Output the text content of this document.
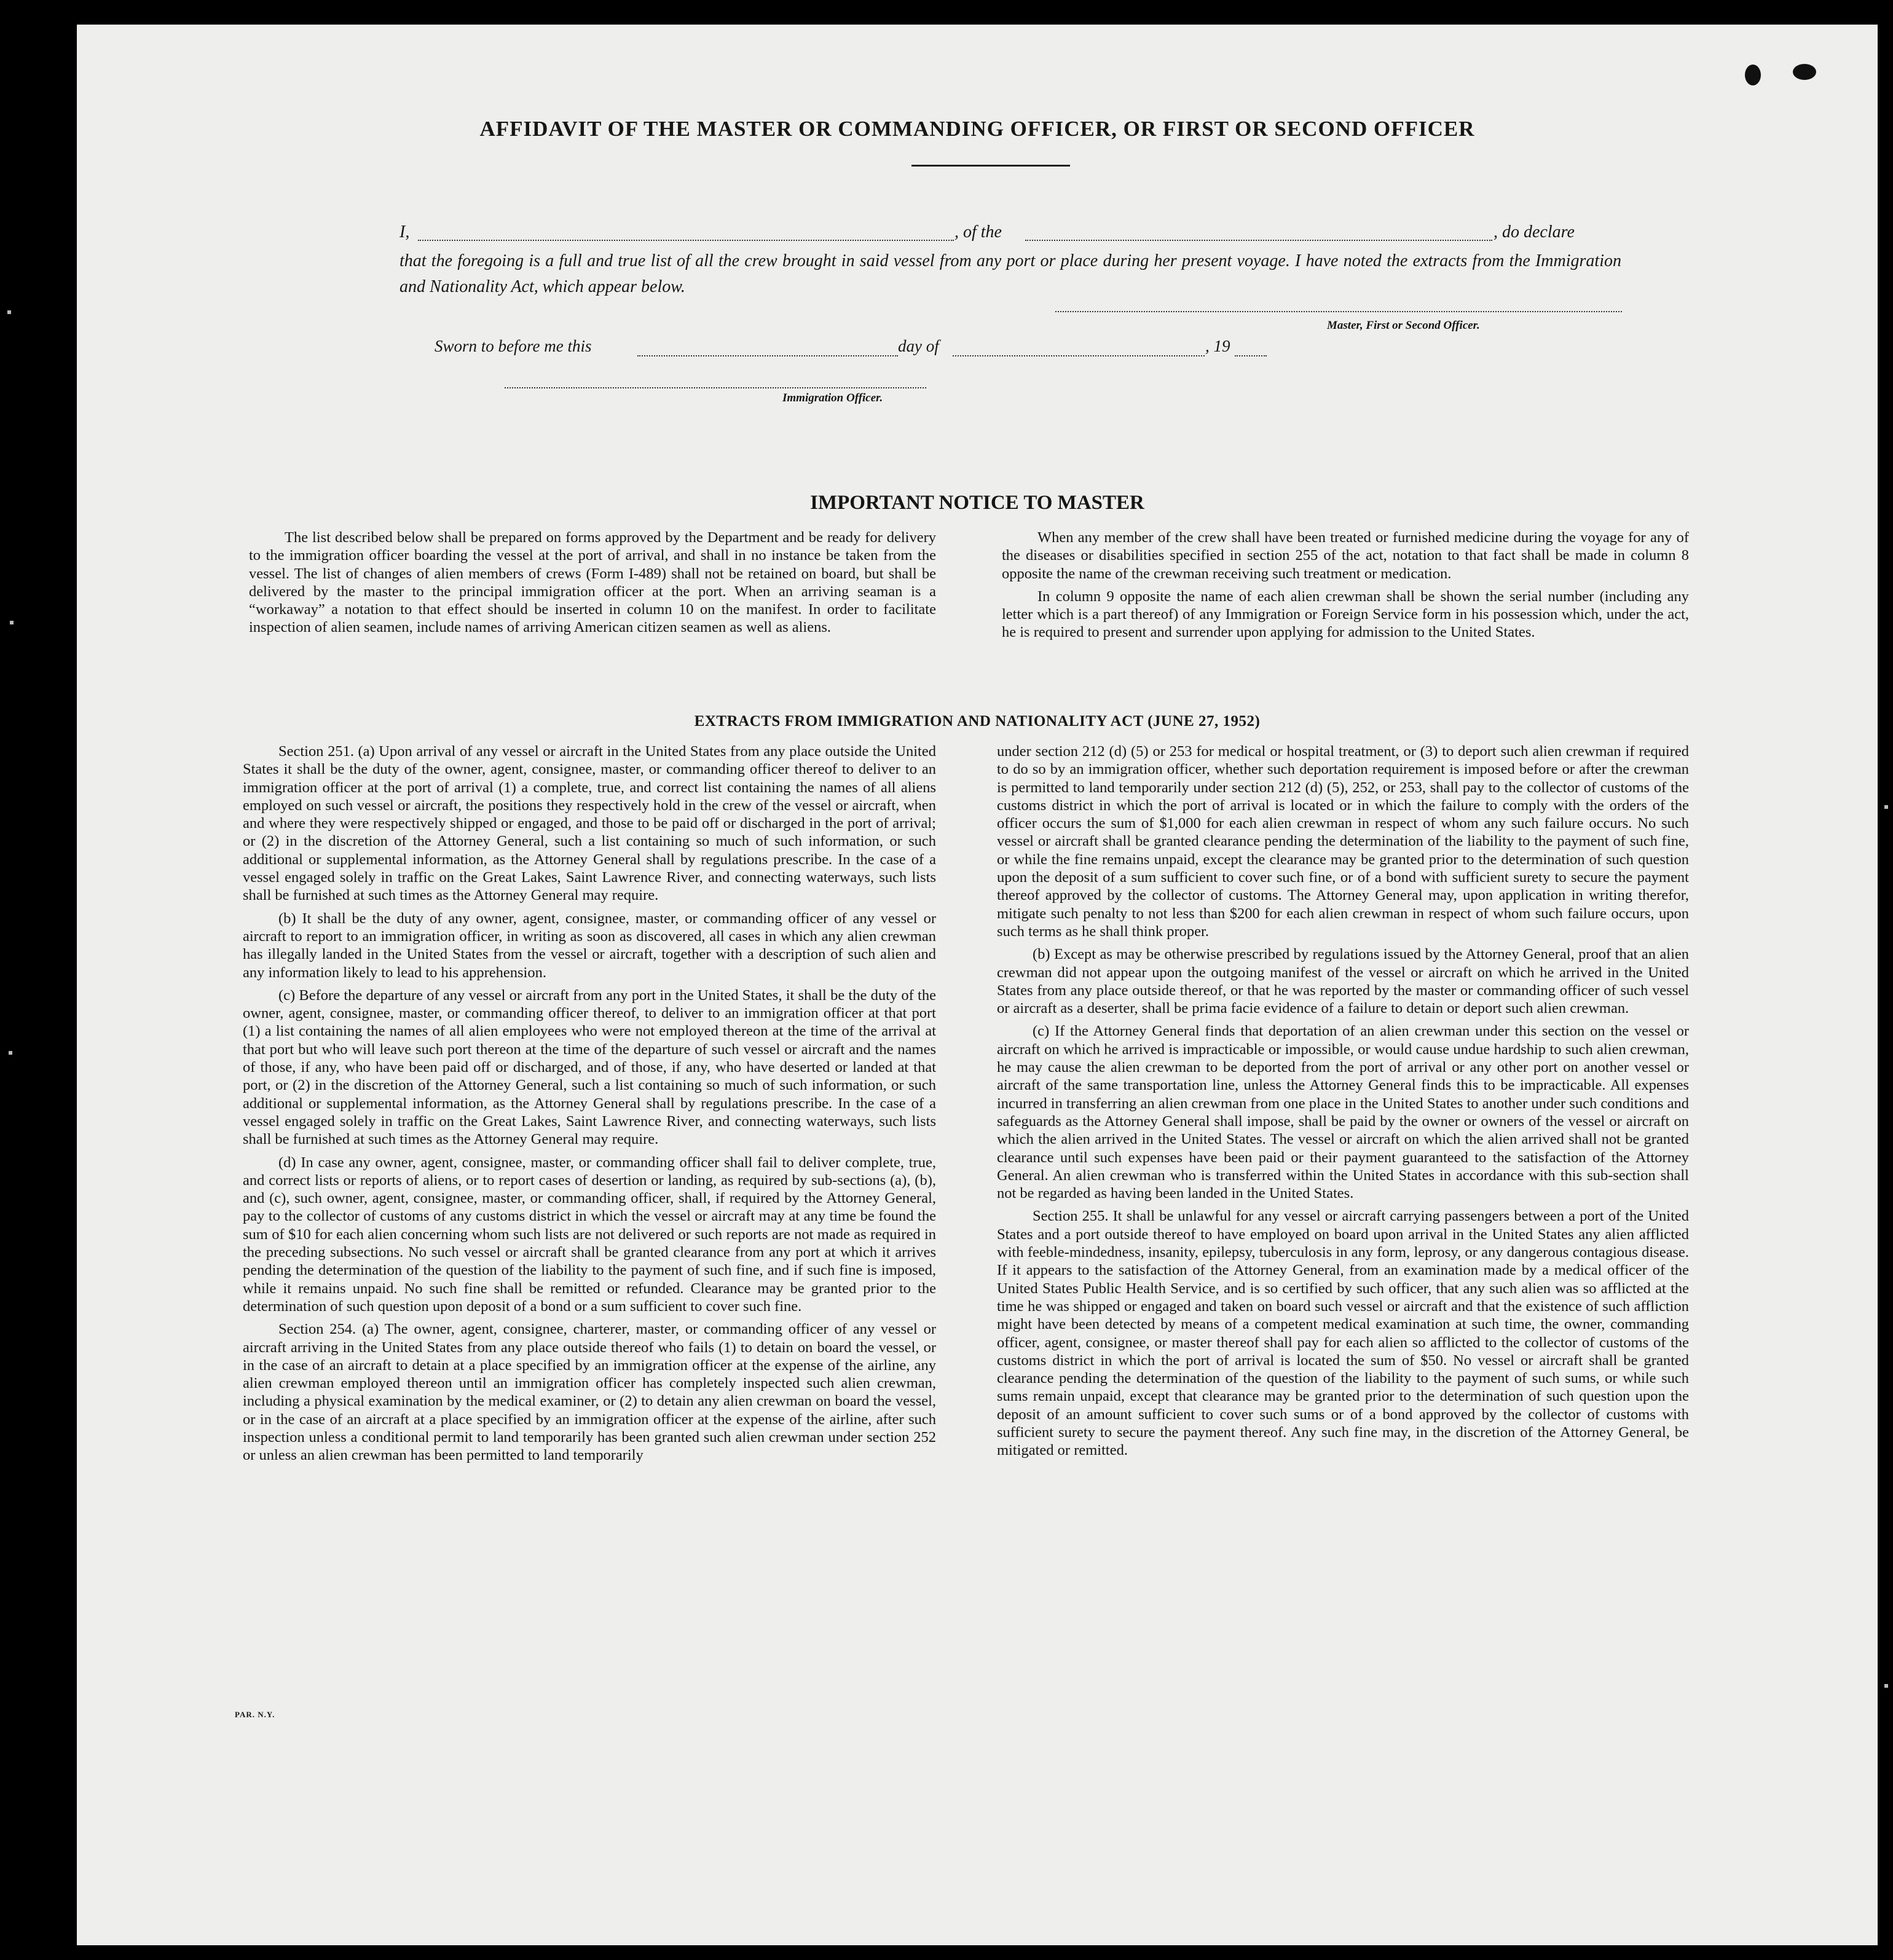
AFFIDAVIT OF THE MASTER OR COMMANDING OFFICER, OR FIRST OR SECOND OFFICER
I,	, of the	, do declare
that the foregoing is a full and true list of all the crew brought in said vessel from any port or place during her present voyage. I have noted the extracts from the Immigration and Nationality Act, which appear below.
Master, First or Second Officer.
Sworn to before me this	day of	, 19
Immigration Officer.
IMPORTANT NOTICE TO MASTER

The list described below shall be prepared on forms approved by the Department and be ready for delivery to the immigration officer boarding the vessel at the port of arrival, and shall in no instance be taken from the vessel. The list of changes of alien members of crews (Form I-489) shall not be retained on board, but shall be delivered by the master to the principal immigration officer at the port. When an arriving seaman is a “workaway” a notation to that effect should be inserted in column 10 on the manifest. In order to facilitate inspection of alien seamen, include names of arriving American citizen seamen as well as aliens.

When any member of the crew shall have been treated or furnished medicine during the voyage for any of the diseases or disabilities specified in section 255 of the act, notation to that fact shall be made in column 8 opposite the name of the crewman receiving such treatment or medication.

In column 9 opposite the name of each alien crewman shall be shown the serial number (including any letter which is a part thereof) of any Immigration or Foreign Service form in his possession which, under the act, he is required to present and surrender upon applying for admission to the United States.

EXTRACTS FROM IMMIGRATION AND NATIONALITY ACT (JUNE 27, 1952)

Section 251. (a) Upon arrival of any vessel or aircraft in the United States from any place outside the United States it shall be the duty of the owner, agent, consignee, master, or commanding officer thereof to deliver to an immigration officer at the port of arrival (1) a complete, true, and correct list containing the names of all aliens employed on such vessel or aircraft, the positions they respectively hold in the crew of the vessel or aircraft, when and where they were respectively shipped or engaged, and those to be paid off or discharged in the port of arrival; or (2) in the discretion of the Attorney General, such a list containing so much of such information, or such additional or supplemental information, as the Attorney General shall by regulations prescribe. In the case of a vessel engaged solely in traffic on the Great Lakes, Saint Lawrence River, and connecting waterways, such lists shall be furnished at such times as the Attorney General may require.

(b) It shall be the duty of any owner, agent, consignee, master, or commanding officer of any vessel or aircraft to report to an immigration officer, in writing as soon as discovered, all cases in which any alien crewman has illegally landed in the United States from the vessel or aircraft, together with a description of such alien and any information likely to lead to his apprehension.

(c) Before the departure of any vessel or aircraft from any port in the United States, it shall be the duty of the owner, agent, consignee, master, or commanding officer thereof, to deliver to an immigration officer at that port (1) a list containing the names of all alien employees who were not employed thereon at the time of the arrival at that port but who will leave such port thereon at the time of the departure of such vessel or aircraft and the names of those, if any, who have been paid off or discharged, and of those, if any, who have deserted or landed at that port, or (2) in the discretion of the Attorney General, such a list containing so much of such information, or such additional or supplemental information, as the Attorney General shall by regulations prescribe. In the case of a vessel engaged solely in traffic on the Great Lakes, Saint Lawrence River, and connecting waterways, such lists shall be furnished at such times as the Attorney General may require.

(d) In case any owner, agent, consignee, master, or commanding officer shall fail to deliver complete, true, and correct lists or reports of aliens, or to report cases of desertion or landing, as required by sub-sections (a), (b), and (c), such owner, agent, consignee, master, or commanding officer, shall, if required by the Attorney General, pay to the collector of customs of any customs district in which the vessel or aircraft may at any time be found the sum of $10 for each alien concerning whom such lists are not delivered or such reports are not made as required in the preceding subsections. No such vessel or aircraft shall be granted clearance from any port at which it arrives pending the determination of the question of the liability to the payment of such fine, and if such fine is imposed, while it remains unpaid. No such fine shall be remitted or refunded. Clearance may be granted prior to the determination of such question upon deposit of a bond or a sum sufficient to cover such fine.

Section 254. (a) The owner, agent, consignee, charterer, master, or commanding officer of any vessel or aircraft arriving in the United States from any place outside thereof who fails (1) to detain on board the vessel, or in the case of an aircraft to detain at a place specified by an immigration officer at the expense of the airline, any alien crewman employed thereon until an immigration officer has completely inspected such alien crewman, including a physical examination by the medical examiner, or (2) to detain any alien crewman on board the vessel, or in the case of an aircraft at a place specified by an immigration officer at the expense of the airline, after such inspection unless a conditional permit to land temporarily has been granted such alien crewman under section 252 or unless an alien crewman has been permitted to land temporarily

under section 212 (d) (5) or 253 for medical or hospital treatment, or (3) to deport such alien crewman if required to do so by an immigration officer, whether such deportation requirement is imposed before or after the crewman is permitted to land temporarily under section 212 (d) (5), 252, or 253, shall pay to the collector of customs of the customs district in which the port of arrival is located or in which the failure to comply with the orders of the officer occurs the sum of $1,000 for each alien crewman in respect of whom any such failure occurs. No such vessel or aircraft shall be granted clearance pending the determination of the liability to the payment of such fine, or while the fine remains unpaid, except the clearance may be granted prior to the determination of such question upon the deposit of a sum sufficient to cover such fine, or of a bond with sufficient surety to secure the payment thereof approved by the collector of customs. The Attorney General may, upon application in writing therefor, mitigate such penalty to not less than $200 for each alien crewman in respect of whom such failure occurs, upon such terms as he shall think proper.

(b) Except as may be otherwise prescribed by regulations issued by the Attorney General, proof that an alien crewman did not appear upon the outgoing manifest of the vessel or aircraft on which he arrived in the United States from any place outside thereof, or that he was reported by the master or commanding officer of such vessel or aircraft as a deserter, shall be prima facie evidence of a failure to detain or deport such alien crewman.

(c) If the Attorney General finds that deportation of an alien crewman under this section on the vessel or aircraft on which he arrived is impracticable or impossible, or would cause undue hardship to such alien crewman, he may cause the alien crewman to be deported from the port of arrival or any other port on another vessel or aircraft of the same transportation line, unless the Attorney General finds this to be impracticable. All expenses incurred in transferring an alien crewman from one place in the United States to another under such conditions and safeguards as the Attorney General shall impose, shall be paid by the owner or owners of the vessel or aircraft on which the alien arrived in the United States. The vessel or aircraft on which the alien arrived shall not be granted clearance until such expenses have been paid or their payment guaranteed to the satisfaction of the Attorney General. An alien crewman who is transferred within the United States in accordance with this sub-section shall not be regarded as having been landed in the United States.

Section 255. It shall be unlawful for any vessel or aircraft carrying passengers between a port of the United States and a port outside thereof to have employed on board upon arrival in the United States any alien afflicted with feeble-mindedness, insanity, epilepsy, tuberculosis in any form, leprosy, or any dangerous contagious disease. If it appears to the satisfaction of the Attorney General, from an examination made by a medical officer of the United States Public Health Service, and is so certified by such officer, that any such alien was so afflicted at the time he was shipped or engaged and taken on board such vessel or aircraft and that the existence of such affliction might have been detected by means of a competent medical examination at such time, the owner, commanding officer, agent, consignee, or master thereof shall pay for each alien so afflicted to the collector of customs of the customs district in which the port of arrival is located the sum of $50. No vessel or aircraft shall be granted clearance pending the determination of the question of the liability to the payment of such sums, or while such sums remain unpaid, except that clearance may be granted prior to the determination of such question upon the deposit of an amount sufficient to cover such sums or of a bond approved by the collector of customs with sufficient surety to secure the payment thereof. Any such fine may, in the discretion of the Attorney General, be mitigated or remitted.

PAR. N.Y.
